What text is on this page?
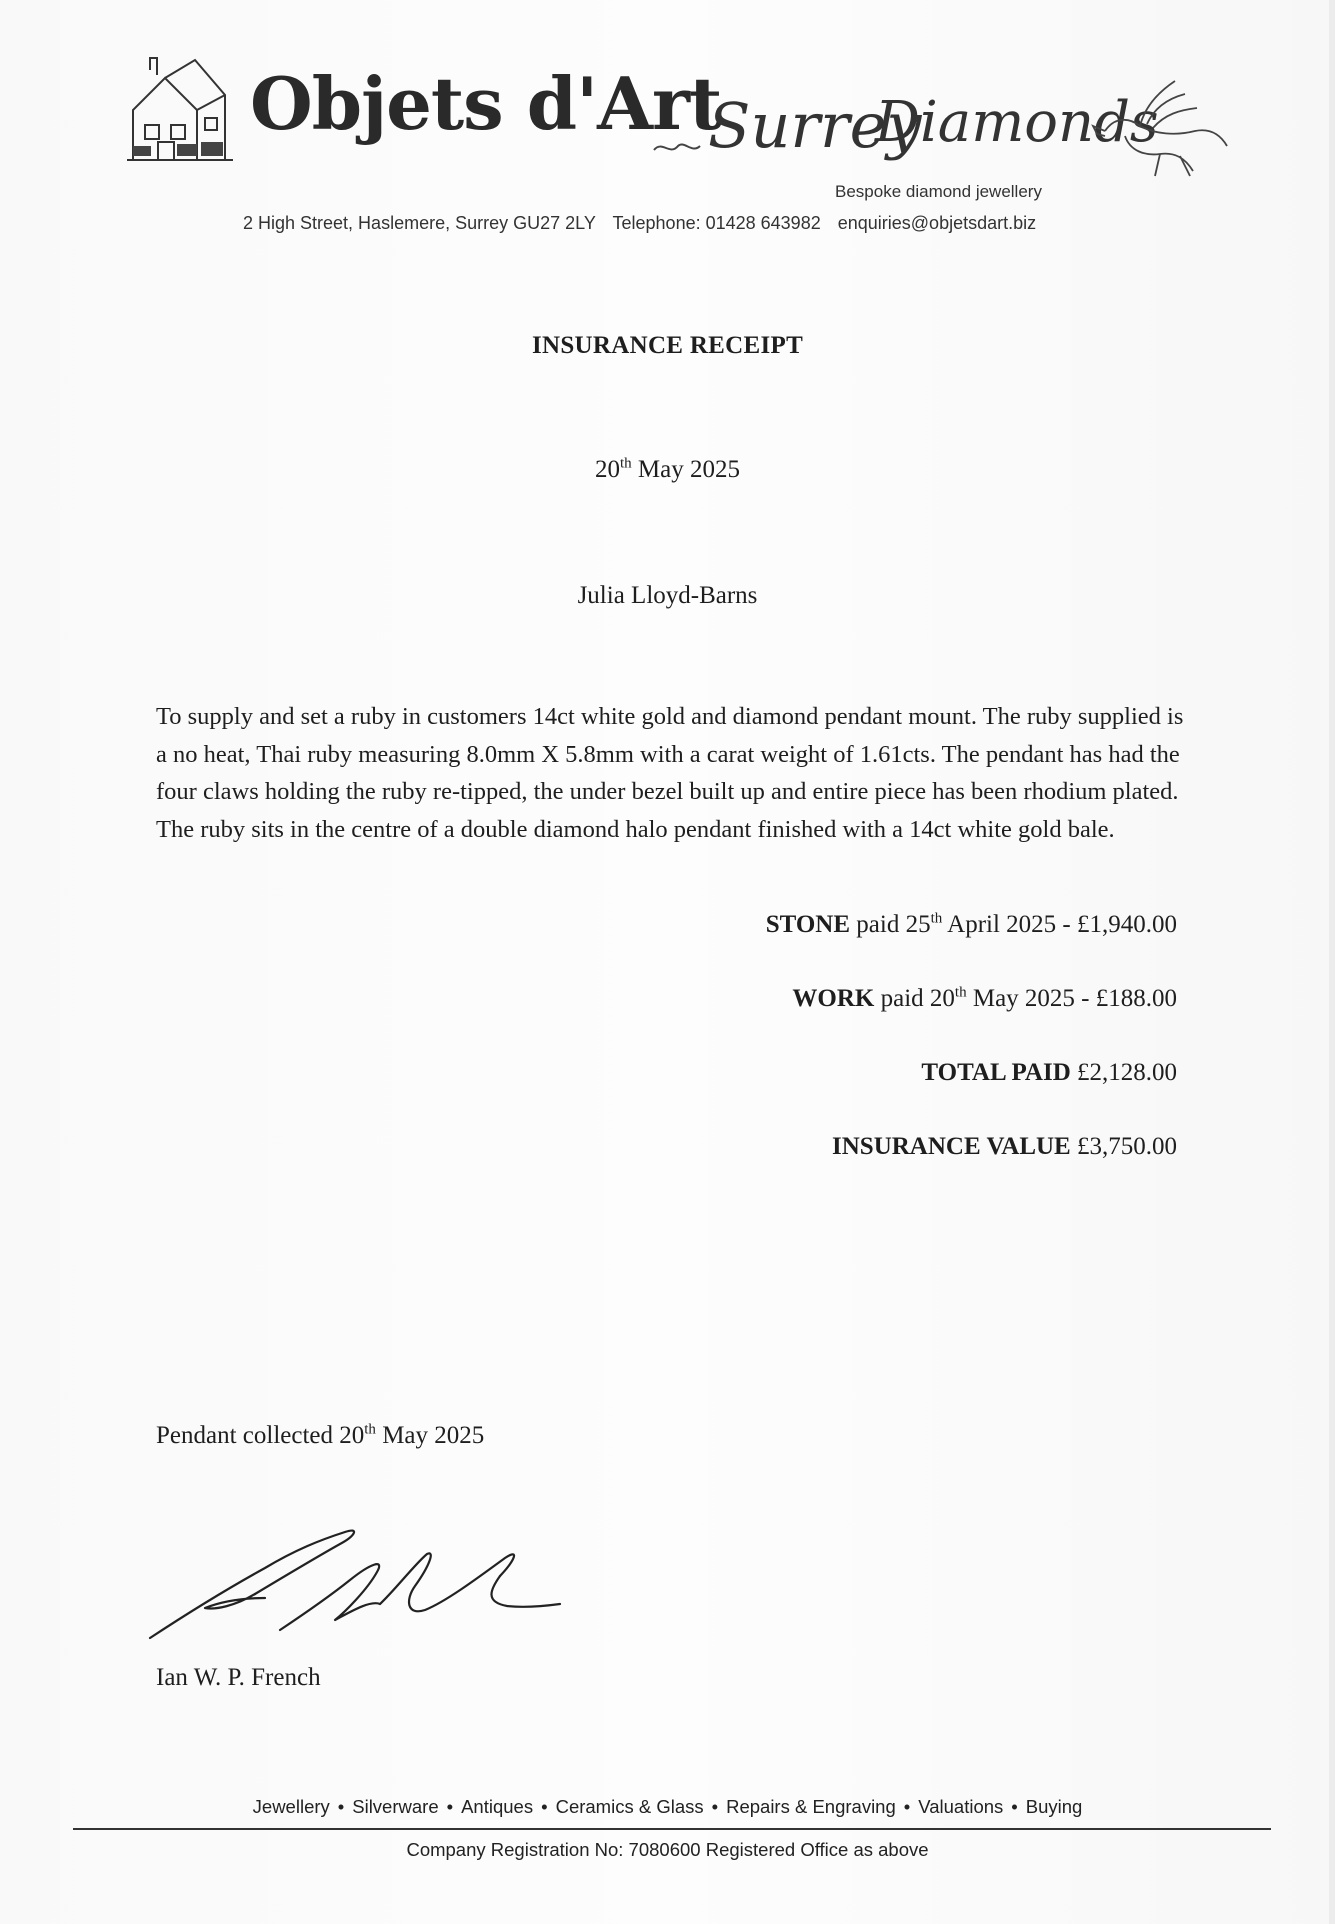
Objets d'Art
Surrey
Diamonds
Bespoke diamond jewellery
2 High Street, Haslemere, Surrey GU27 2LY Telephone: 01428 643982 enquiries@objetsdart.biz
INSURANCE RECEIPT
20th May 2025
Julia Lloyd-Barns
To supply and set a ruby in customers 14ct white gold and diamond pendant mount. The ruby supplied is a no heat, Thai ruby measuring 8.0mm X 5.8mm with a carat weight of 1.61cts. The pendant has had the four claws holding the ruby re-tipped, the under bezel built up and entire piece has been rhodium plated. The ruby sits in the centre of a double diamond halo pendant finished with a 14ct white gold bale.
STONE paid 25th April 2025 - £1,940.00
WORK paid 20th May 2025 - £188.00
TOTAL PAID £2,128.00
INSURANCE VALUE £3,750.00
Pendant collected 20th May 2025
Ian W. P. French
Jewellery • Silverware • Antiques • Ceramics & Glass • Repairs & Engraving • Valuations • Buying
Company Registration No: 7080600 Registered Office as above
